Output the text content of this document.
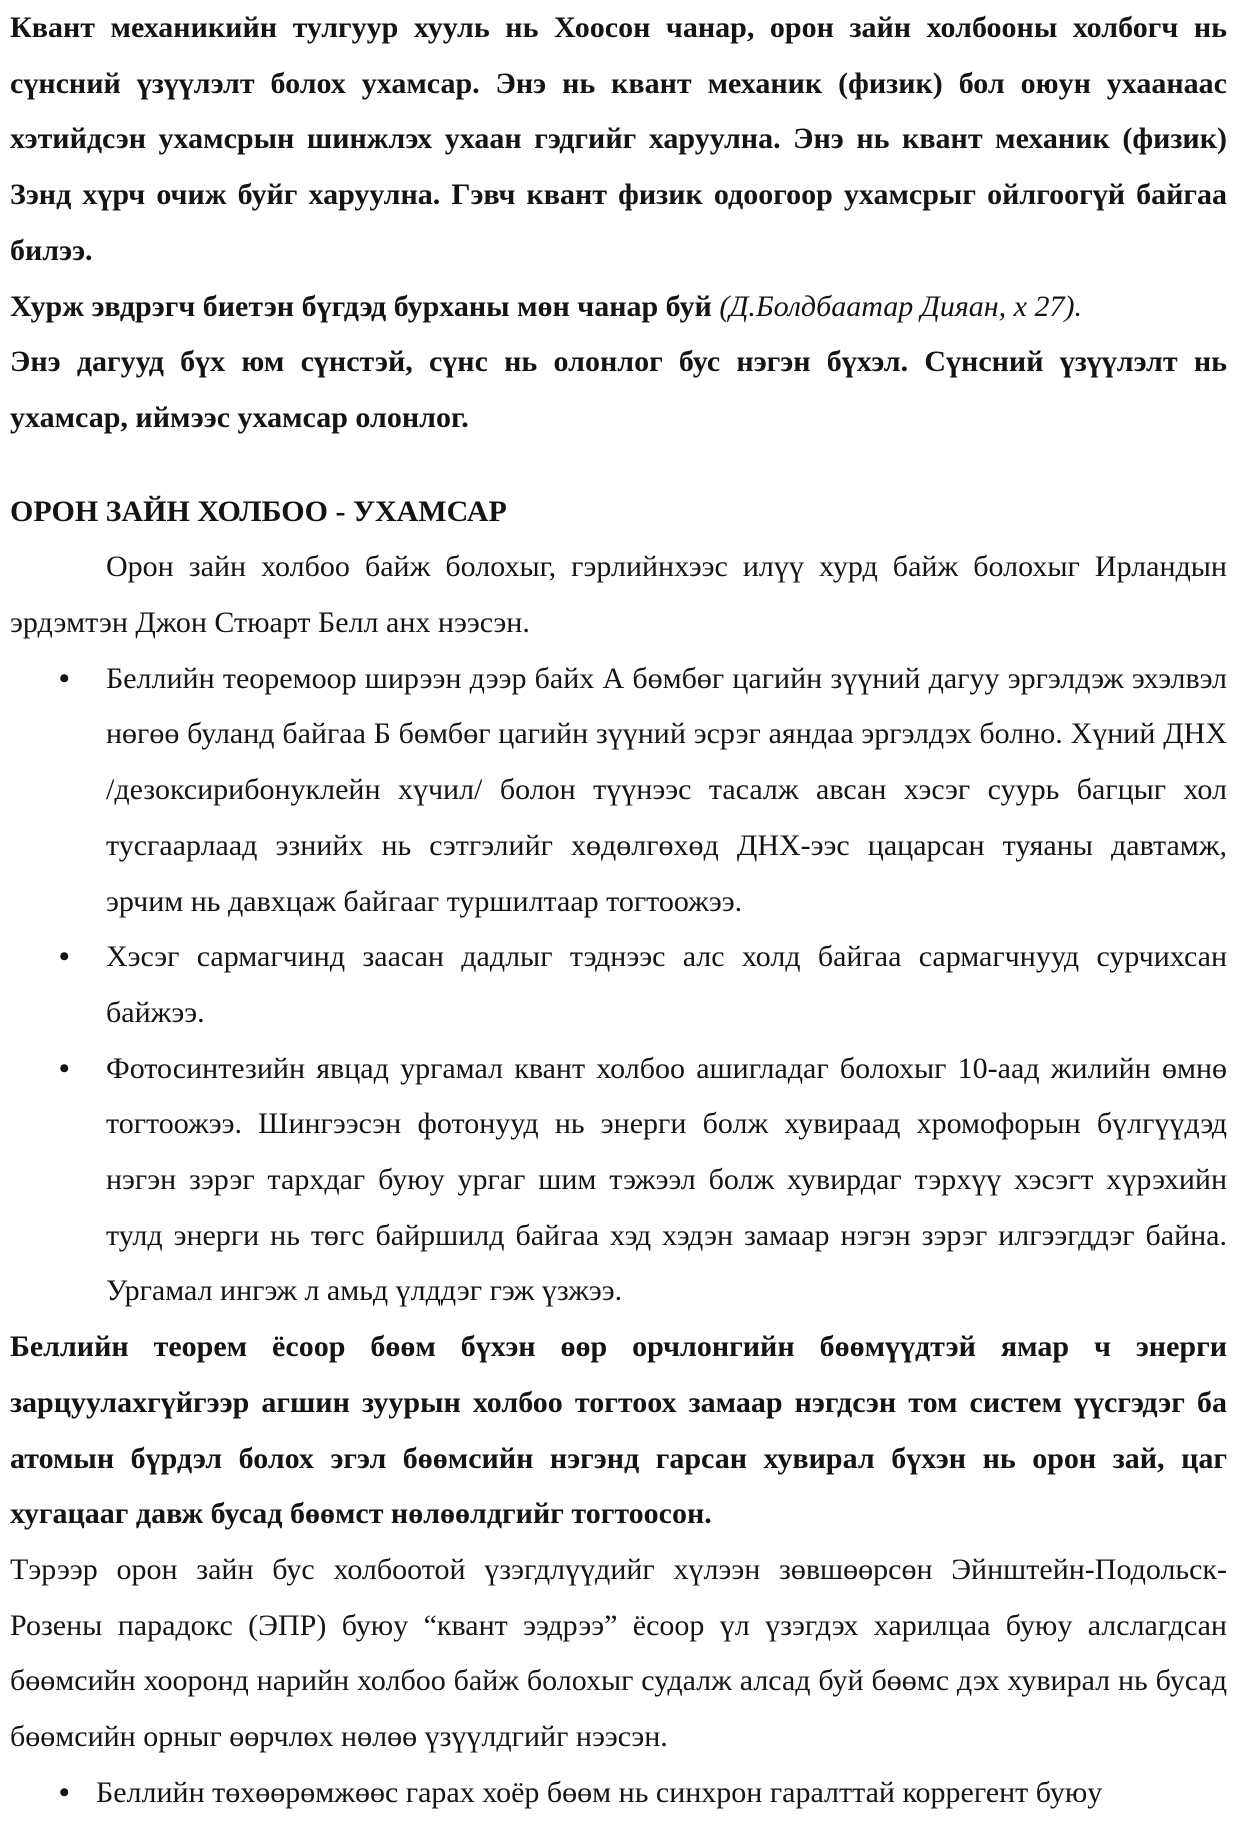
Квант механикийн тулгуур хууль нь Хоосон чанар, орон зайн холбооны холбогч нь сүнсний үзүүлэлт болох ухамсар. Энэ нь квант механик (физик) бол оюун ухаанаас хэтийдсэн ухамсрын шинжлэх ухаан гэдгийг харуулна. Энэ нь квант механик (физик) Зэнд хүрч очиж буйг харуулна. Гэвч квант физик одоогоор ухамсрыг ойлгоогүй байгаа билээ.

Хурж эвдрэгч биетэн бүгдэд бурханы мөн чанар буй (Д.Болдбаатар Дияан, х 27).

Энэ дагууд бүх юм сүнстэй, сүнс нь олонлог бус нэгэн бүхэл. Сүнсний үзүүлэлт нь ухамсар, иймээс ухамсар олонлог.

ОРОН ЗАЙН ХОЛБОО - УХАМСАР

Орон зайн холбоо байж болохыг, гэрлийнхээс илүү хурд байж болохыг Ирландын эрдэмтэн Джон Стюарт Белл анх нээсэн.

• Беллийн теоремоор ширээн дээр байх А бөмбөг цагийн зүүний дагуу эргэлдэж эхэлвэл нөгөө буланд байгаа Б бөмбөг цагийн зүүний эсрэг аяндаа эргэлдэх болно. Хүний ДНХ /дезоксирибонуклейн хүчил/ болон түүнээс тасалж авсан хэсэг суурь багцыг хол тусгаарлаад эзнийх нь сэтгэлийг хөдөлгөхөд ДНХ-ээс цацарсан туяаны давтамж, эрчим нь давхцаж байгааг туршилтаар тогтоожээ.
• Хэсэг сармагчинд заасан дадлыг тэднээс алс холд байгаа сармагчнууд сурчихсан байжээ.
• Фотосинтезийн явцад ургамал квант холбоо ашигладаг болохыг 10-аад жилийн өмнө тогтоожээ. Шингээсэн фотонууд нь энерги болж хувираад хромофорын бүлгүүдэд нэгэн зэрэг тархдаг буюу ургаг шим тэжээл болж хувирдаг тэрхүү хэсэгт хүрэхийн тулд энерги нь төгс байршилд байгаа хэд хэдэн замаар нэгэн зэрэг илгээгддэг байна. Ургамал ингэж л амьд үлддэг гэж үзжээ.

Беллийн теорем ёсоор бөөм бүхэн өөр орчлонгийн бөөмүүдтэй ямар ч энерги зарцуулахгүйгээр агшин зуурын холбоо тогтоох замаар нэгдсэн том систем үүсгэдэг ба атомын бүрдэл болох эгэл бөөмсийн нэгэнд гарсан хувирал бүхэн нь орон зай, цаг хугацааг давж бусад бөөмст нөлөөлдгийг тогтоосон.

Тэрээр орон зайн бус холбоотой үзэгдлүүдийг хүлээн зөвшөөрсөн Эйнштейн-Подольск-Розены парадокс (ЭПР) буюу “квант ээдрээ” ёсоор үл үзэгдэх харилцаа буюу алслагдсан бөөмсийн хооронд нарийн холбоо байж болохыг судалж алсад буй бөөмс дэх хувирал нь бусад бөөмсийн орныг өөрчлөх нөлөө үзүүлдгийг нээсэн.

• Беллийн төхөөрөмжөөс гарах хоёр бөөм нь синхрон гаралттай коррегент буюу
